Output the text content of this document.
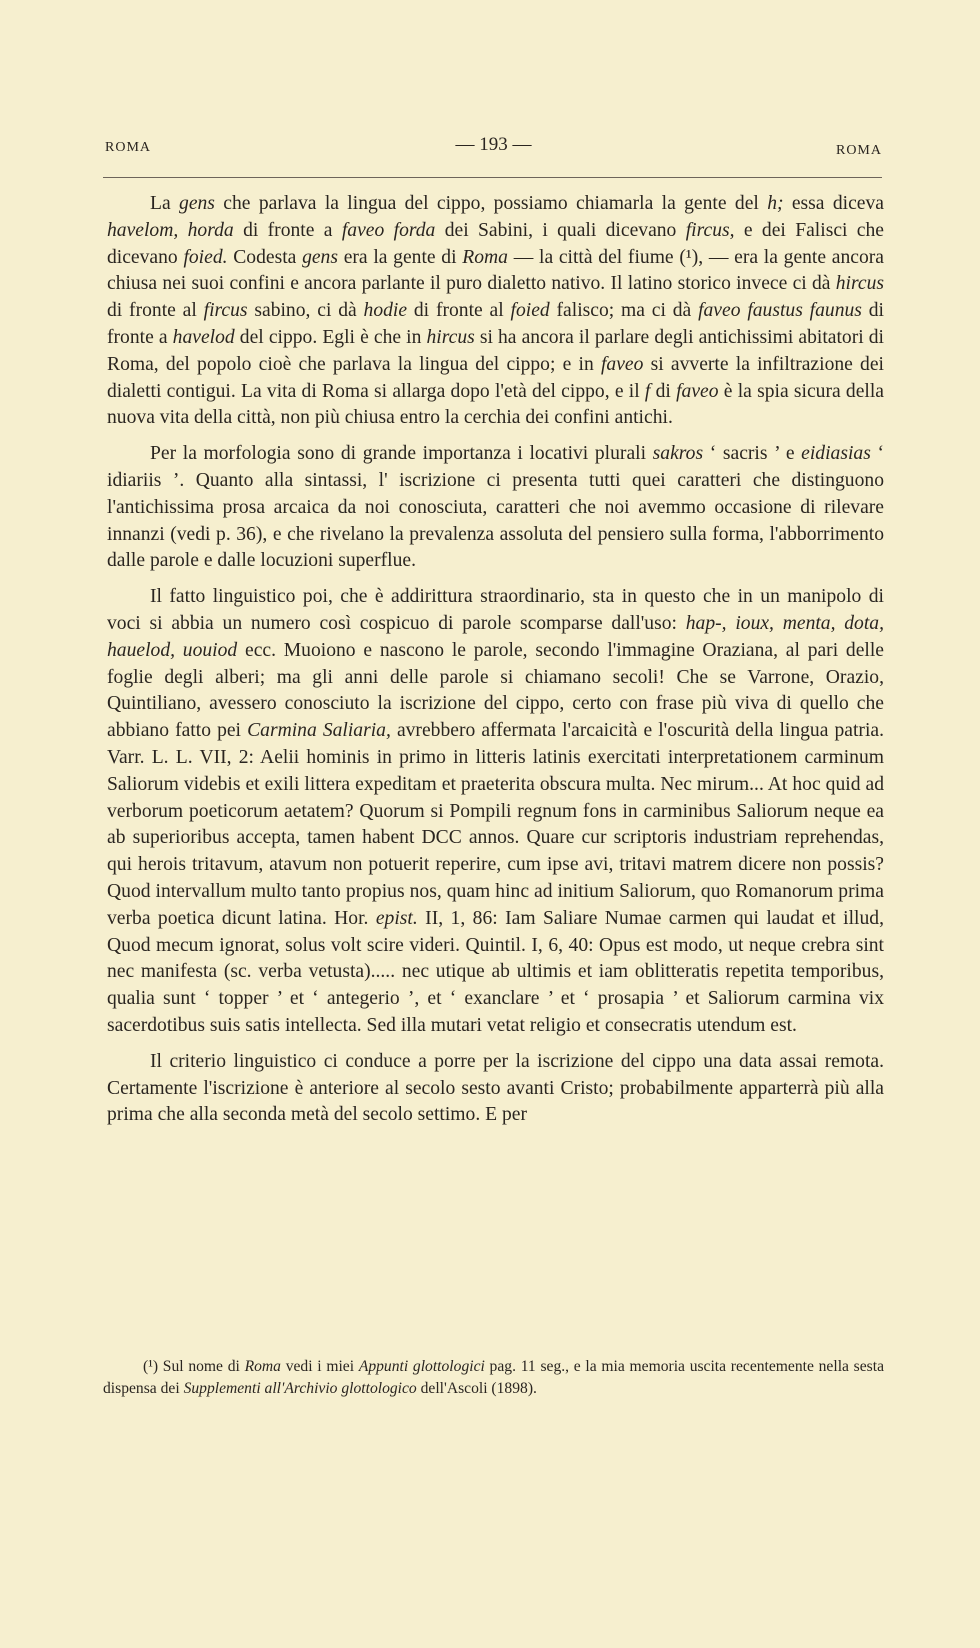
ROMA	— 193 —	ROMA

La gens che parlava la lingua del cippo, possiamo chiamarla la gente del h; essa diceva havelom, horda di fronte a faveo forda dei Sabini, i quali dicevano fircus, e dei Falisci che dicevano foied. Codesta gens era la gente di Roma — la città del fiume (¹), — era la gente ancora chiusa nei suoi confini e ancora parlante il puro dialetto nativo. Il latino storico invece ci dà hircus di fronte al fircus sabino, ci dà hodie di fronte al foied falisco; ma ci dà faveo faustus faunus di fronte a havelod del cippo. Egli è che in hircus si ha ancora il parlare degli antichissimi abitatori di Roma, del popolo cioè che parlava la lingua del cippo; e in faveo si avverte la infiltrazione dei dialetti contigui. La vita di Roma si allarga dopo l'età del cippo, e il f di faveo è la spia sicura della nuova vita della città, non più chiusa entro la cerchia dei confini antichi.

Per la morfologia sono di grande importanza i locativi plurali sakros ‘ sacris ’ e eidiasias ‘ idiariis ’. Quanto alla sintassi, l' iscrizione ci presenta tutti quei caratteri che distinguono l'antichissima prosa arcaica da noi conosciuta, caratteri che noi avemmo occasione di rilevare innanzi (vedi p. 36), e che rivelano la prevalenza assoluta del pensiero sulla forma, l'abborrimento dalle parole e dalle locuzioni superflue.

Il fatto linguistico poi, che è addirittura straordinario, sta in questo che in un manipolo di voci si abbia un numero così cospicuo di parole scomparse dall'uso: hap-, ioux, menta, dota, hauelod, uouiod ecc. Muoiono e nascono le parole, secondo l'immagine Oraziana, al pari delle foglie degli alberi; ma gli anni delle parole si chiamano secoli! Che se Varrone, Orazio, Quintiliano, avessero conosciuto la iscrizione del cippo, certo con frase più viva di quello che abbiano fatto pei Carmina Saliaria, avrebbero affermata l'arcaicità e l'oscurità della lingua patria. Varr. L. L. VII, 2: Aelii hominis in primo in litteris latinis exercitati interpretationem carminum Saliorum videbis et exili littera expeditam et praeterita obscura multa. Nec mirum... At hoc quid ad verborum poeticorum aetatem? Quorum si Pompili regnum fons in carminibus Saliorum neque ea ab superioribus accepta, tamen habent DCC annos. Quare cur scriptoris industriam reprehendas, qui herois tritavum, atavum non potuerit reperire, cum ipse avi, tritavi matrem dicere non possis? Quod intervallum multo tanto propius nos, quam hinc ad initium Saliorum, quo Romanorum prima verba poetica dicunt latina. Hor. epist. II, 1, 86: Iam Saliare Numae carmen qui laudat et illud, Quod mecum ignorat, solus volt scire videri. Quintil. I, 6, 40: Opus est modo, ut neque crebra sint nec manifesta (sc. verba vetusta)..... nec utique ab ultimis et iam oblitteratis repetita temporibus, qualia sunt ‘ topper ’ et ‘ antegerio ’, et ‘ exanclare ’ et ‘ prosapia ’ et Saliorum carmina vix sacerdotibus suis satis intellecta. Sed illa mutari vetat religio et consecratis utendum est.

Il criterio linguistico ci conduce a porre per la iscrizione del cippo una data assai remota. Certamente l'iscrizione è anteriore al secolo sesto avanti Cristo; probabilmente apparterrà più alla prima che alla seconda metà del secolo settimo. E per

(¹) Sul nome di Roma vedi i miei Appunti glottologici pag. 11 seg., e la mia memoria uscita recentemente nella sesta dispensa dei Supplementi all'Archivio glottologico dell'Ascoli (1898).
